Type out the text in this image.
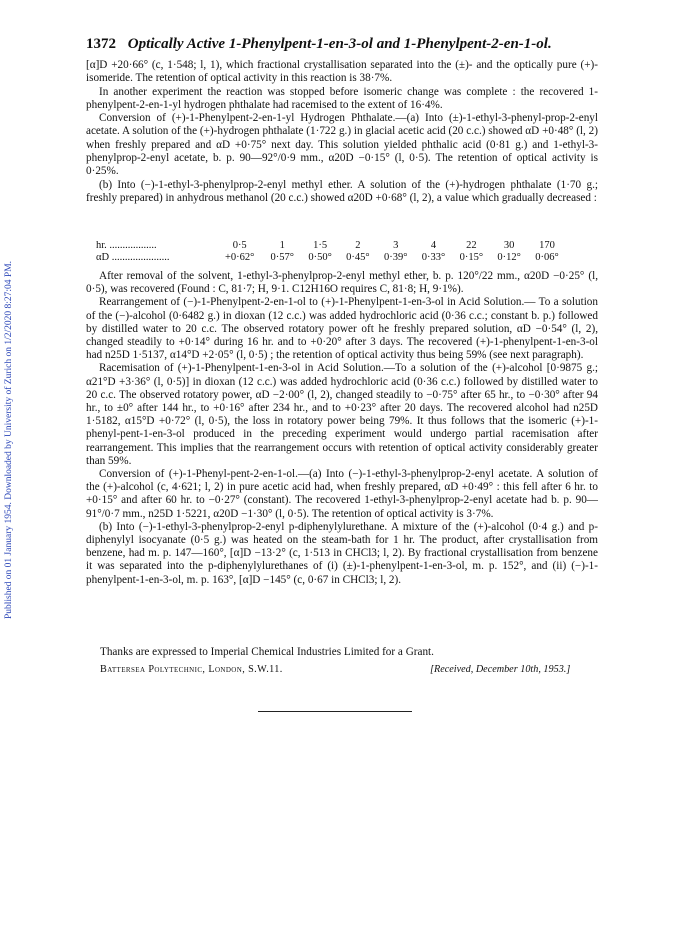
Published on 01 January 1954. Downloaded by University of Zurich on 1/2/2020 8:27:04 PM.
1372 Optically Active 1-Phenylpent-1-en-3-ol and 1-Phenylpent-2-en-1-ol.

[α]D +20·66° (c, 1·548; l, 1), which fractional crystallisation separated into the (±)- and the optically pure (+)-isomeride. The retention of optical activity in this reaction is 38·7%.

In another experiment the reaction was stopped before isomeric change was complete : the recovered 1-phenylpent-2-en-1-yl hydrogen phthalate had racemised to the extent of 16·4%.

Conversion of (+)-1-Phenylpent-2-en-1-yl Hydrogen Phthalate.—(a) Into (±)-1-ethyl-3-phenyl-prop-2-enyl acetate. A solution of the (+)-hydrogen phthalate (1·722 g.) in glacial acetic acid (20 c.c.) showed αD +0·48° (l, 2) when freshly prepared and αD +0·75° next day. This solution yielded phthalic acid (0·81 g.) and 1-ethyl-3-phenylprop-2-enyl acetate, b. p. 90—92°/0·9 mm., α20D −0·15° (l, 0·5). The retention of optical activity is 0·25%.

(b) Into (−)-1-ethyl-3-phenylprop-2-enyl methyl ether. A solution of the (+)-hydrogen phthalate (1·70 g.; freshly prepared) in anhydrous methanol (20 c.c.) showed α20D +0·68° (l, 2), a value which gradually decreased :

hr. ..................	0·5	1	1·5	2	3	4	22	30	170
αD ......................	+0·62°	0·57°	0·50°	0·45°	0·39°	0·33°	0·15°	0·12°	0·06°

After removal of the solvent, 1-ethyl-3-phenylprop-2-enyl methyl ether, b. p. 120°/22 mm., α20D −0·25° (l, 0·5), was recovered (Found : C, 81·7; H, 9·1. C12H16O requires C, 81·8; H, 9·1%).

Rearrangement of (−)-1-Phenylpent-2-en-1-ol to (+)-1-Phenylpent-1-en-3-ol in Acid Solution.— To a solution of the (−)-alcohol (0·6482 g.) in dioxan (12 c.c.) was added hydrochloric acid (0·36 c.c.; constant b. p.) followed by distilled water to 20 c.c. The observed rotatory power oft he freshly prepared solution, αD −0·54° (l, 2), changed steadily to +0·14° during 16 hr. and to +0·20° after 3 days. The recovered (+)-1-phenylpent-1-en-3-ol had n25D 1·5137, α14°D +2·05° (l, 0·5) ; the retention of optical activity thus being 59% (see next paragraph).

Racemisation of (+)-1-Phenylpent-1-en-3-ol in Acid Solution.—To a solution of the (+)-alcohol [0·9875 g.; α21°D +3·36° (l, 0·5)] in dioxan (12 c.c.) was added hydrochloric acid (0·36 c.c.) followed by distilled water to 20 c.c. The observed rotatory power, αD −2·00° (l, 2), changed steadily to −0·75° after 65 hr., to −0·30° after 94 hr., to ±0° after 144 hr., to +0·16° after 234 hr., and to +0·23° after 20 days. The recovered alcohol had n25D 1·5182, α15°D +0·72° (l, 0·5), the loss in rotatory power being 79%. It thus follows that the isomeric (+)-1-phenyl-pent-1-en-3-ol produced in the preceding experiment would undergo partial racemisation after rearrangement. This implies that the rearrangement occurs with retention of optical activity considerably greater than 59%.

Conversion of (+)-1-Phenyl-pent-2-en-1-ol.—(a) Into (−)-1-ethyl-3-phenylprop-2-enyl acetate. A solution of the (+)-alcohol (c, 4·621; l, 2) in pure acetic acid had, when freshly prepared, αD +0·49° : this fell after 6 hr. to +0·15° and after 60 hr. to −0·27° (constant). The recovered 1-ethyl-3-phenylprop-2-enyl acetate had b. p. 90—91°/0·7 mm., n25D 1·5221, α20D −1·30° (l, 0·5). The retention of optical activity is 3·7%.

(b) Into (−)-1-ethyl-3-phenylprop-2-enyl p-diphenylylurethane. A mixture of the (+)-alcohol (0·4 g.) and p-diphenylyl isocyanate (0·5 g.) was heated on the steam-bath for 1 hr. The product, after crystallisation from benzene, had m. p. 147—160°, [α]D −13·2° (c, 1·513 in CHCl3; l, 2). By fractional crystallisation from benzene it was separated into the p-diphenylylurethanes of (i) (±)-1-phenylpent-1-en-3-ol, m. p. 152°, and (ii) (−)-1-phenylpent-1-en-3-ol, m. p. 163°, [α]D −145° (c, 0·67 in CHCl3; l, 2).

Thanks are expressed to Imperial Chemical Industries Limited for a Grant.
Battersea Polytechnic, London, S.W.11.	[Received, December 10th, 1953.]
